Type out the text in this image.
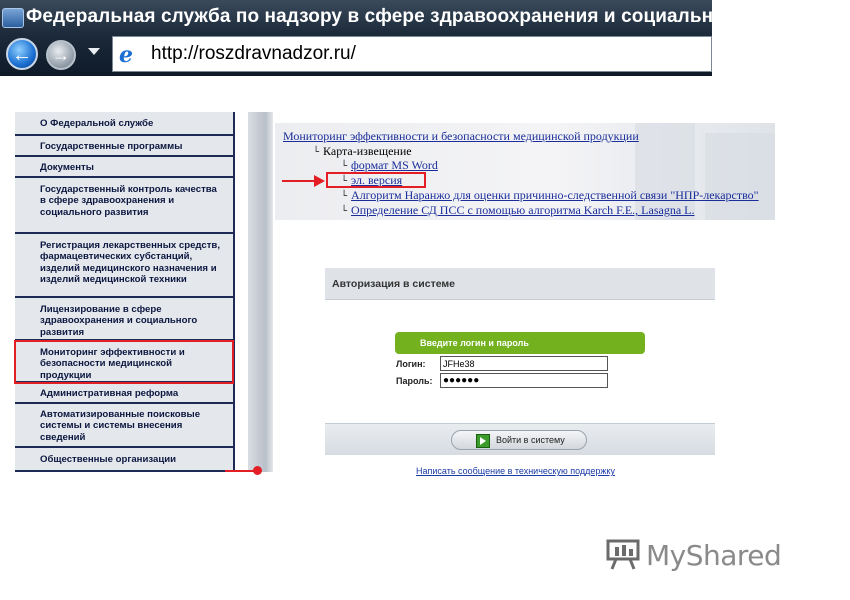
Федеральная служба по надзору в сфере здравоохранения и социального развития -
←	→ e http://roszdravnadzor.ru/
О Федеральной службе
Государственные программы
Документы
Государственный контроль качества в сфере здравоохранения и социального развития
Регистрация лекарственных средств, фармацевтических субстанций, изделий медицинского назначения и изделий медицинской техники
Лицензирование в сфере здравоохранения и социального развития
Мониторинг эффективности и безопасности медицинской продукции
Административная реформа
Автоматизированные поисковые системы и системы внесения сведений
Общественные организации
Мониторинг эффективности и безопасности медицинской продукции
└ Карта-извещение
└ формат MS Word
└ эл. версия
└ Алгоритм Наранжо для оценки причинно-следственной связи "НПР-лекарство"
└ Определение СД ПСС с помощью алгоритма Karch F.E., Lasagna L.
Авторизация в системе
Введите логин и пароль
Логин:
JFHe38
Пароль:	●●●●●●
Войти в систему
Написать сообщение в техническую поддержку
MyShared
